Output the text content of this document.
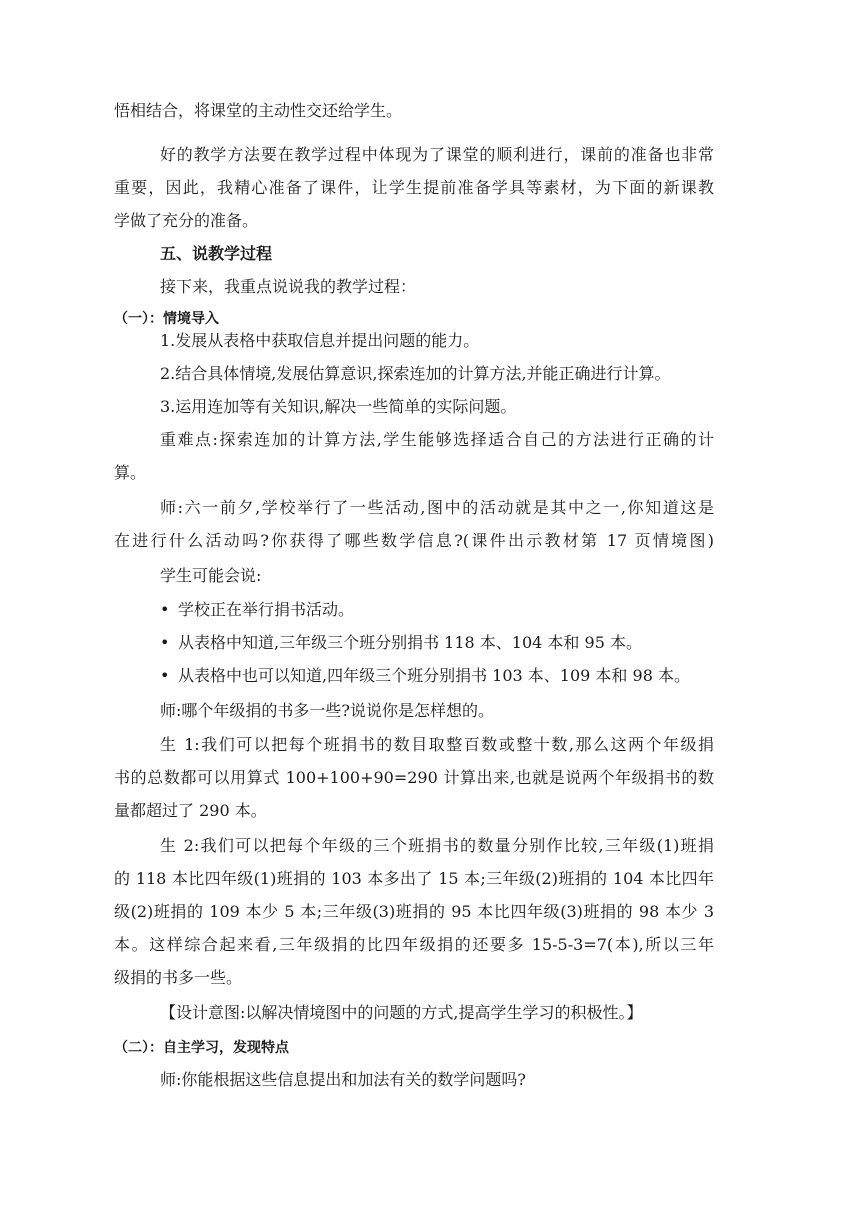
悟相结合，将课堂的主动性交还给学生。
好的教学方法要在教学过程中体现为了课堂的顺利进行，课前的准备也非常
重要，因此，我精心准备了课件，让学生提前准备学具等素材，为下面的新课教
学做了充分的准备。
五、说教学过程
接下来，我重点说说我的教学过程：
（一）：情境导入
1.发展从表格中获取信息并提出问题的能力。
2.结合具体情境,发展估算意识,探索连加的计算方法,并能正确进行计算。
3.运用连加等有关知识,解决一些简单的实际问题。
重难点:探索连加的计算方法,学生能够选择适合自己的方法进行正确的计
算。
师:六一前夕,学校举行了一些活动,图中的活动就是其中之一,你知道这是
在进行什么活动吗?你获得了哪些数学信息?(课件出示教材第 17 页情境图)
学生可能会说:
• 学校正在举行捐书活动。
• 从表格中知道,三年级三个班分别捐书 118 本、104 本和 95 本。
• 从表格中也可以知道,四年级三个班分别捐书 103 本、109 本和 98 本。
师:哪个年级捐的书多一些?说说你是怎样想的。
生 1:我们可以把每个班捐书的数目取整百数或整十数,那么这两个年级捐
书的总数都可以用算式 100+100+90=290 计算出来,也就是说两个年级捐书的数
量都超过了 290 本。
生 2:我们可以把每个年级的三个班捐书的数量分别作比较,三年级(1)班捐
的 118 本比四年级(1)班捐的 103 本多出了 15 本;三年级(2)班捐的 104 本比四年
级(2)班捐的 109 本少 5 本;三年级(3)班捐的 95 本比四年级(3)班捐的 98 本少 3
本。这样综合起来看,三年级捐的比四年级捐的还要多 15-5-3=7(本),所以三年
级捐的书多一些。
【设计意图:以解决情境图中的问题的方式,提高学生学习的积极性。】
（二）：自主学习，发现特点
师:你能根据这些信息提出和加法有关的数学问题吗?
